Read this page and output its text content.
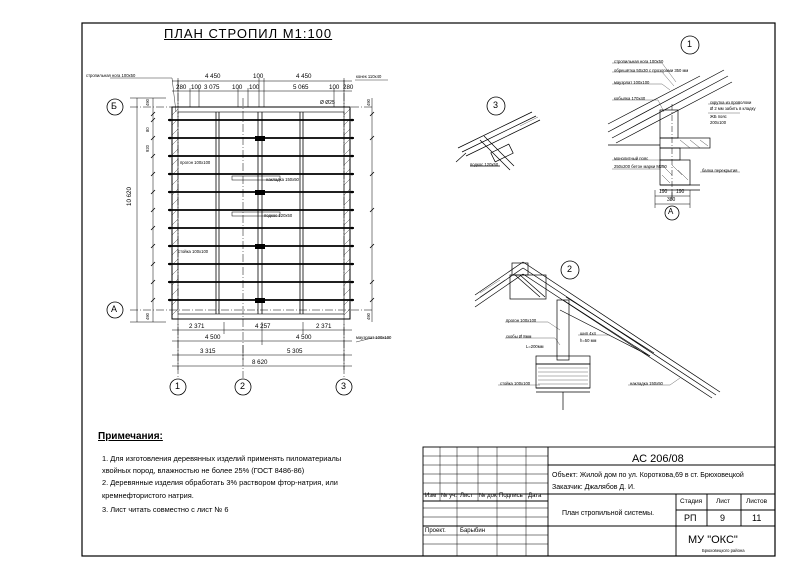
ПЛАН СТРОПИЛ М1:100
1	2	3
Б
А
3
1
2
А
4 450	100	4 450
280 100 3 075 100 100	5 065	100 280
2 371	4 257	2 371
4 500	4 500
3 315	5 305
8 620
10 620
490
80
920
490
490
490
стропильная нога 100х50	конек 110х40
Ø Ø25
прогон 100х100
накладка 150х50
подкос 120х50
стойка 100х100
мауэрлат 100х100
подкос 120х50
стропильная нога 100х50
обрешётка 50х30 с прозорами 350 мм
мауэрлат 100х100
кобылка 170х40
скрутка из проволоки
Ø 2 мм забить в кладку
ЖБ пояс
200х100
монолитный пояс
250х200 бетон марки М200
балка перекрытия
190 190
380
прогон 100х100
скобы Ø 8мм
L=200мм
шип 4х4
h=50 мм
стойка 100х100	накладка 150х50
Примечания:
1. Для изготовления деревянных изделий применять пиломатериалы
хвойных пород, влажностью не более 25% (ГОСТ 8486-86)
2. Деревянные изделия обработать 3% раствором фтор-натрия, или
кремнефтористого натрия.
3. Лист читать совместно с лист № 6
АС 206/08
Объект: Жилой дом по ул. Коротковa,69 в ст. Брюховецкой
Заказчик: Джалябов Д. И.
Изм № уч. Лист № док Подпись Дата
План стропильной системы.
Стадия Лист Листов
РП	9	11
Проект. Барыбин
МУ "ОКС"
Брюховецкого района
